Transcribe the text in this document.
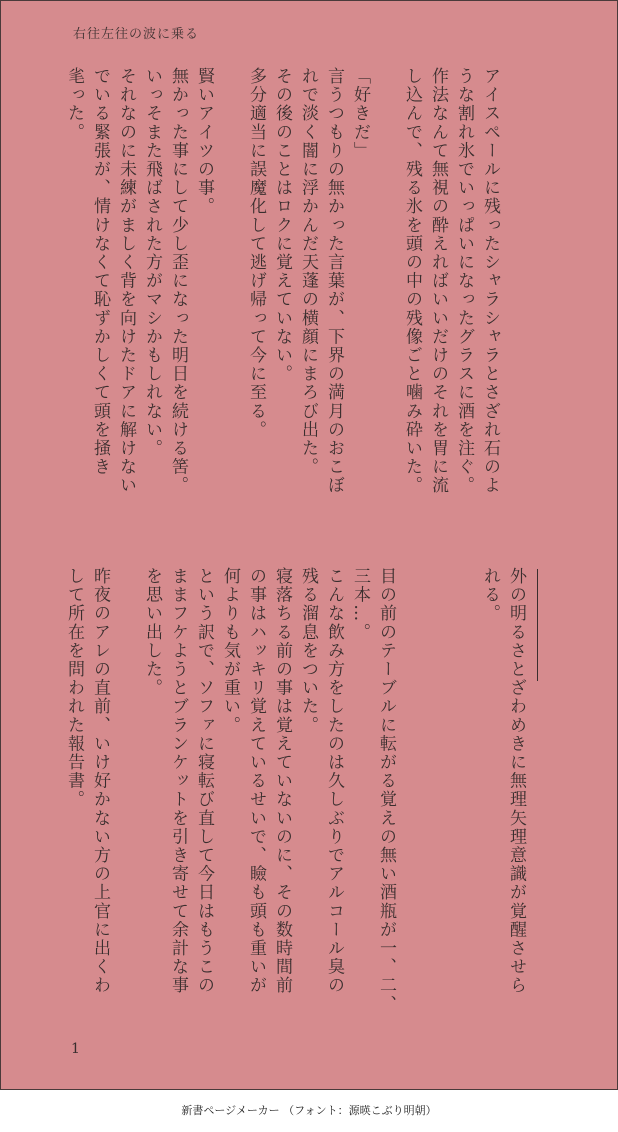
右往左往の波に乗る
アイスペールに残ったシャラシャラとさざれ石のよ
うな割れ氷でいっぱいになったグラスに酒を注ぐ。
作法なんて無視の酔えればいいだけのそれを胃に流
し込んで、残る氷を頭の中の残像ごと噛み砕いた。
「好きだ」
言うつもりの無かった言葉が、下界の満月のおこぼ
れで淡く闇に浮かんだ天蓬の横顔にまろび出た。
その後のことはロクに覚えていない。
多分適当に誤魔化して逃げ帰って今に至る。
賢いアイツの事。
無かった事にして少し歪になった明日を続ける筈。
いっそまた飛ばされた方がマシかもしれない。
それなのに未練がましく背を向けたドアに解けない
でいる緊張が、情けなくて恥ずかしくて頭を掻き
毟った。
外の明るさとざわめきに無理矢理意識が覚醒させら
れる。
目の前のテーブルに転がる覚えの無い酒瓶が一、二、
三本…。
こんな飲み方をしたのは久しぶりでアルコール臭の
残る溜息をついた。
寝落ちる前の事は覚えていないのに、その数時間前
の事はハッキリ覚えているせいで、瞼も頭も重いが
何よりも気が重い。
という訳で、ソファに寝転び直して今日はもうこの
ままフケようとブランケットを引き寄せて余計な事
を思い出した。
昨夜のアレの直前、いけ好かない方の上官に出くわ
して所在を問われた報告書。
1
新書ページメーカー （フォント：源暎こぶり明朝）
